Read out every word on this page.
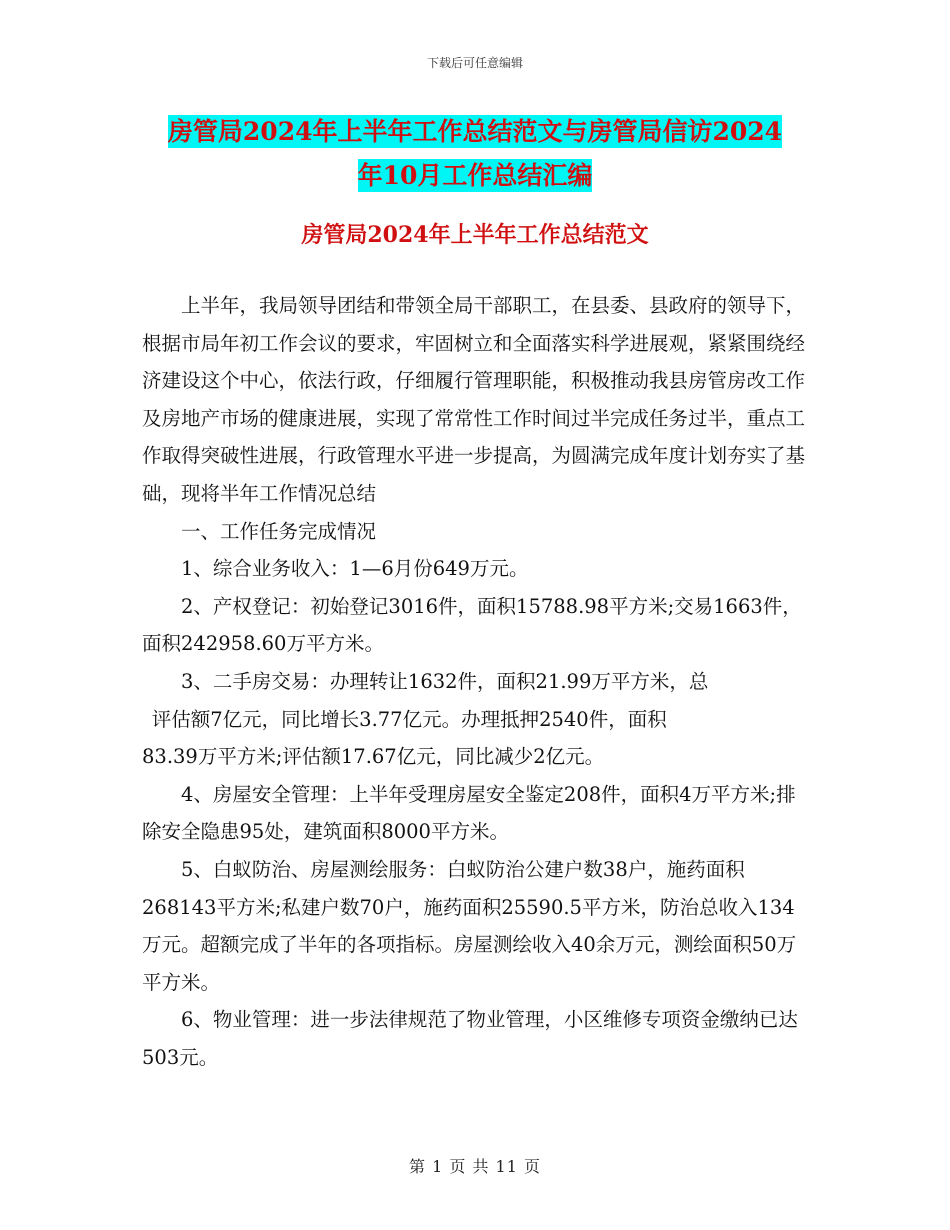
下载后可任意编辑
房管局2024年上半年工作总结范文与房管局信访2024
年10月工作总结汇编
房管局2024年上半年工作总结范文

上半年，我局领导团结和带领全局干部职工，在县委、县政府的领导下，根据市局年初工作会议的要求，牢固树立和全面落实科学进展观，紧紧围绕经济建设这个中心，依法行政，仔细履行管理职能，积极推动我县房管房改工作及房地产市场的健康进展，实现了常常性工作时间过半完成任务过半，重点工作取得突破性进展，行政管理水平进一步提高，为圆满完成年度计划夯实了基础，现将半年工作情况总结

一、工作任务完成情况

1、综合业务收入：1—6月份649万元。

2、产权登记：初始登记3016件，面积15788.98平方米;交易1663件，面积242958.60万平方米。

3、二手房交易：办理转让1632件，面积21.99万平方米，总

评估额7亿元，同比增长3.77亿元。办理抵押2540件，面积

83.39万平方米;评估额17.67亿元，同比减少2亿元。

4、房屋安全管理：上半年受理房屋安全鉴定208件，面积4万平方米;排除安全隐患95处，建筑面积8000平方米。

5、白蚁防治、房屋测绘服务：白蚁防治公建户数38户，施药面积268143平方米;私建户数70户，施药面积25590.5平方米，防治总收入134万元。超额完成了半年的各项指标。房屋测绘收入40余万元，测绘面积50万平方米。

6、物业管理：进一步法律规范了物业管理，小区维修专项资金缴纳已达503元。

第 1 页 共 11 页
